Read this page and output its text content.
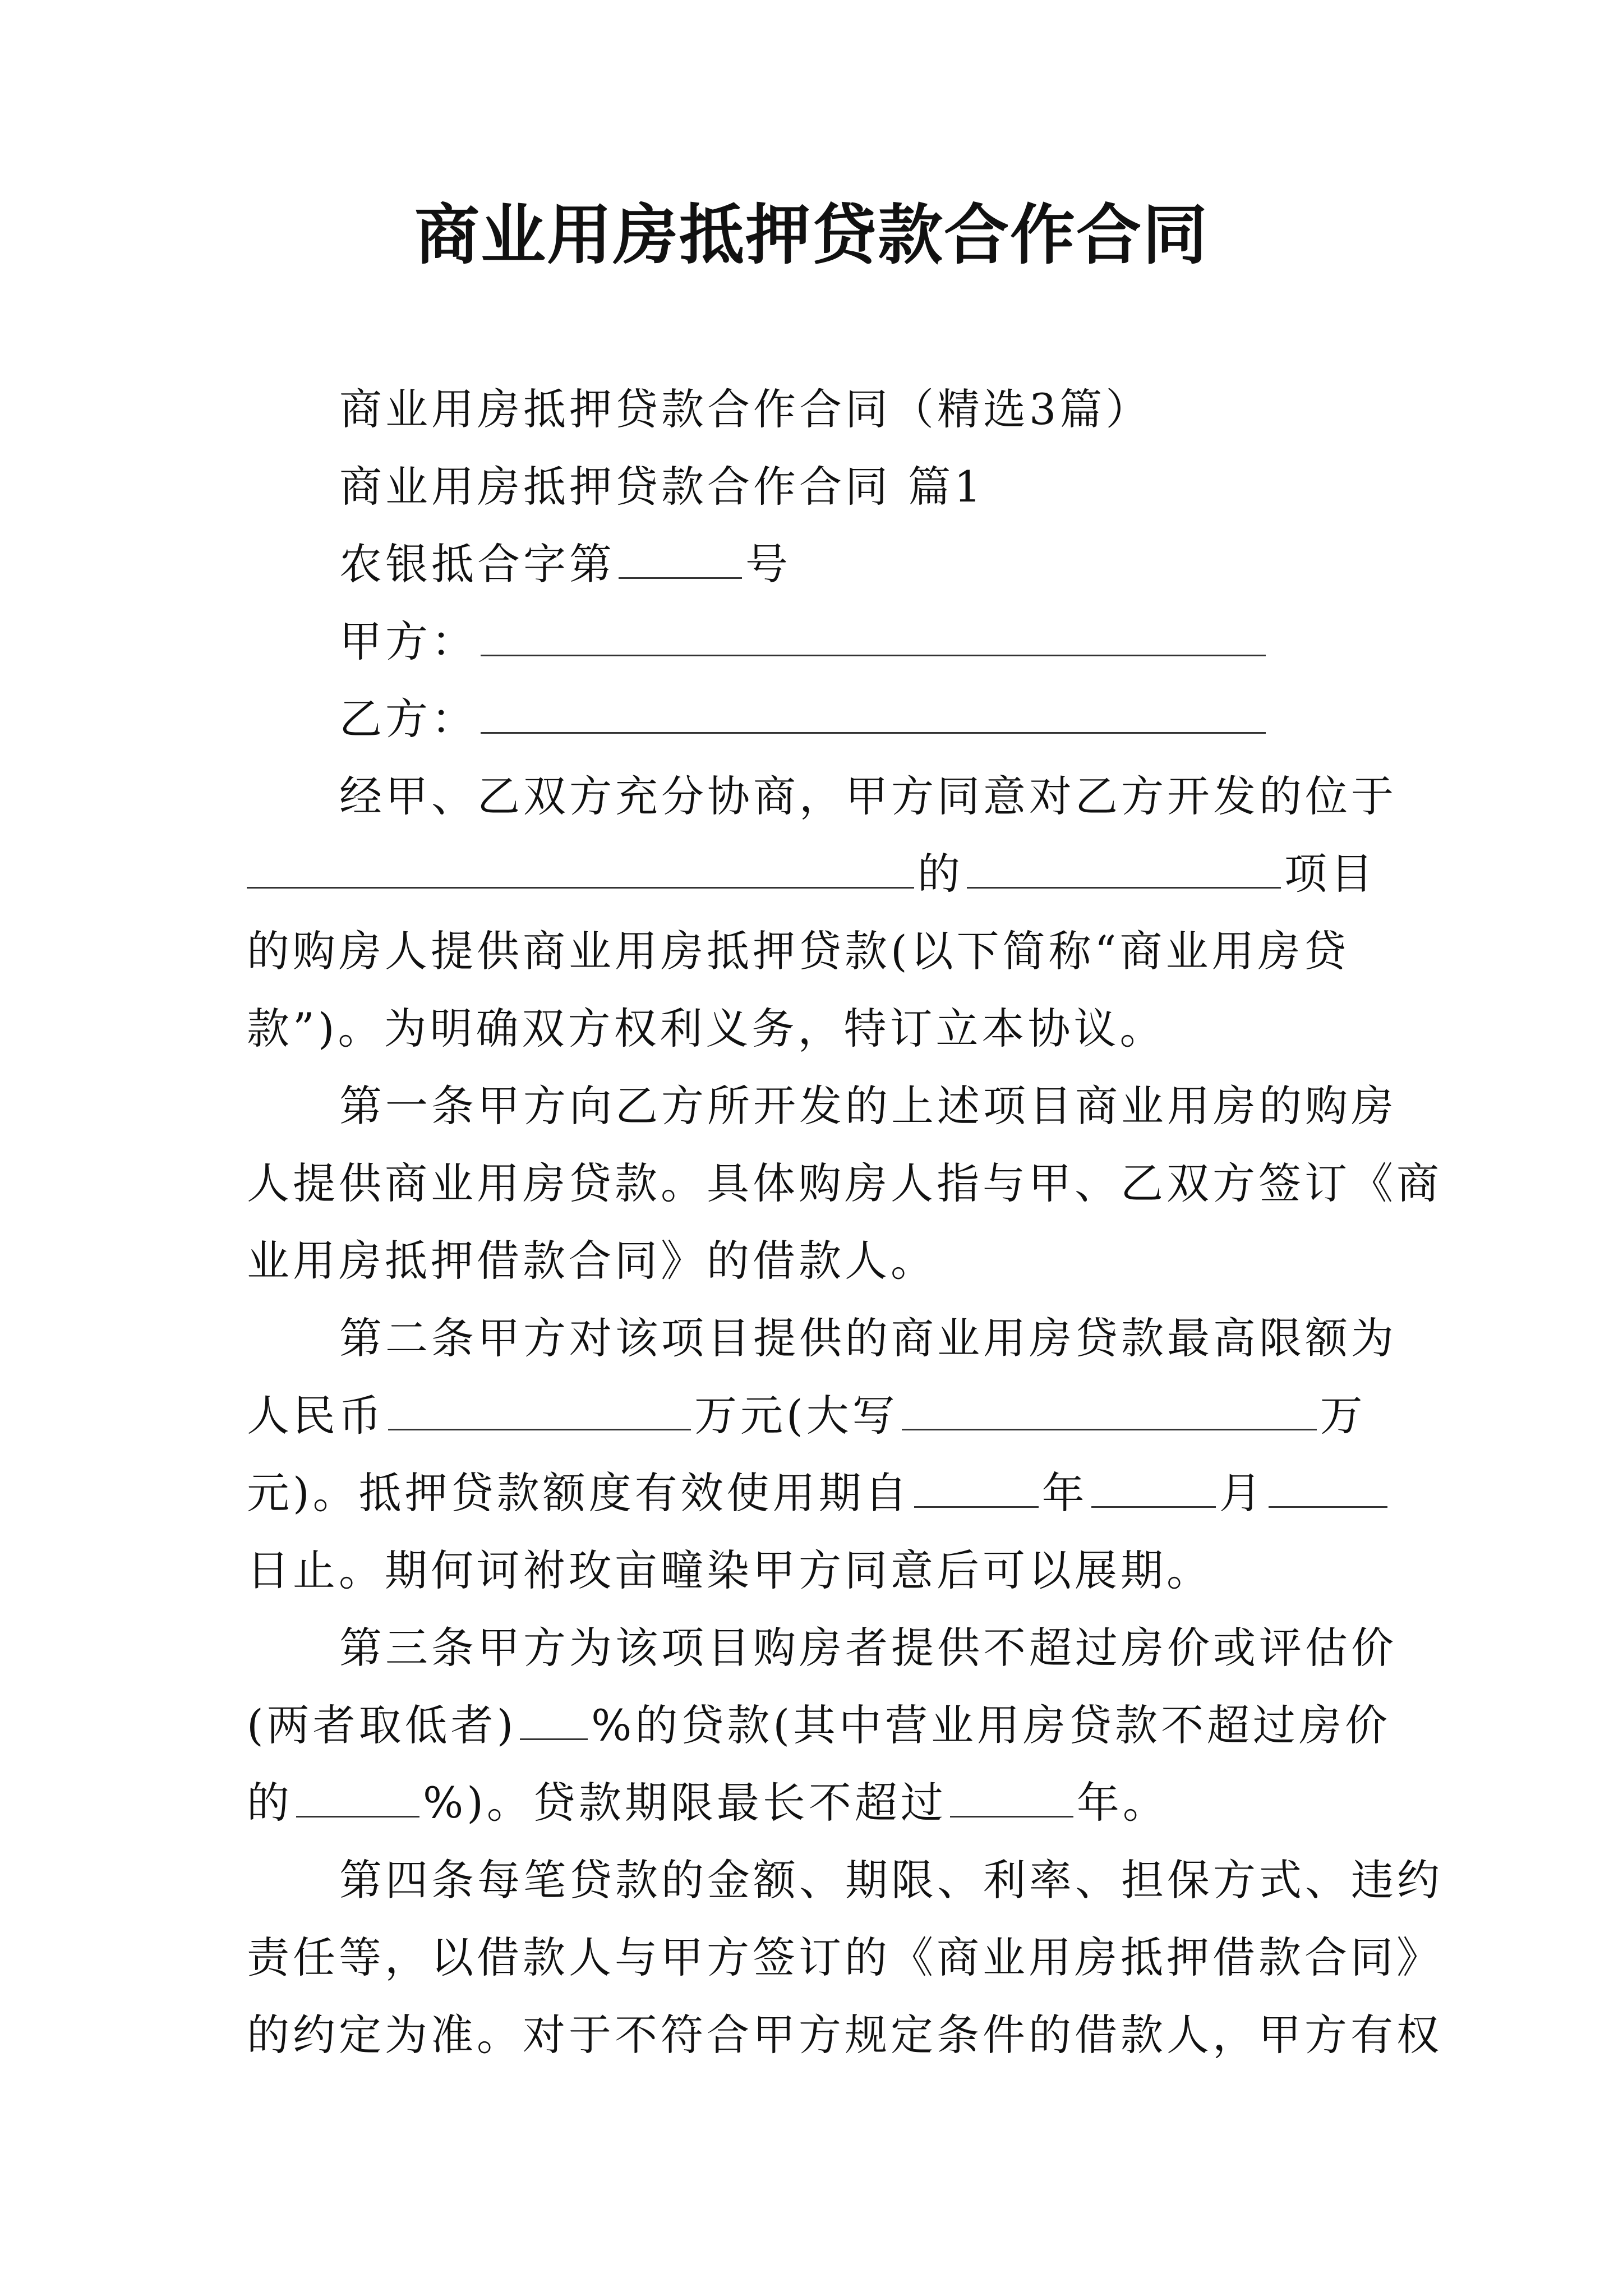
商业用房抵押贷款合作合同
商业用房抵押贷款合作合同（精选3篇）
商业用房抵押贷款合作合同 篇1
农银抵合字第	号
甲方：
乙方：
经甲、乙双方充分协商，甲方同意对乙方开发的位于
的	项目
的购房人提供商业用房抵押贷款(以下简称“商业用房贷
款”)。为明确双方权利义务，特订立本协议。
第一条甲方向乙方所开发的上述项目商业用房的购房
人提供商业用房贷款。具体购房人指与甲、乙双方签订《商
业用房抵押借款合同》的借款人。
第二条甲方对该项目提供的商业用房贷款最高限额为
人民币	万元(大写	万
元)。抵押贷款额度有效使用期自	年	月
日止。期何诃袝玫亩疃染甲方同意后可以展期。
第三条甲方为该项目购房者提供不超过房价或评估价
(两者取低者) %的贷款(其中营业用房贷款不超过房价
的	%)。贷款期限最长不超过	年。
第四条每笔贷款的金额、期限、利率、担保方式、违约
责任等，以借款人与甲方签订的《商业用房抵押借款合同》
的约定为准。对于不符合甲方规定条件的借款人，甲方有权
